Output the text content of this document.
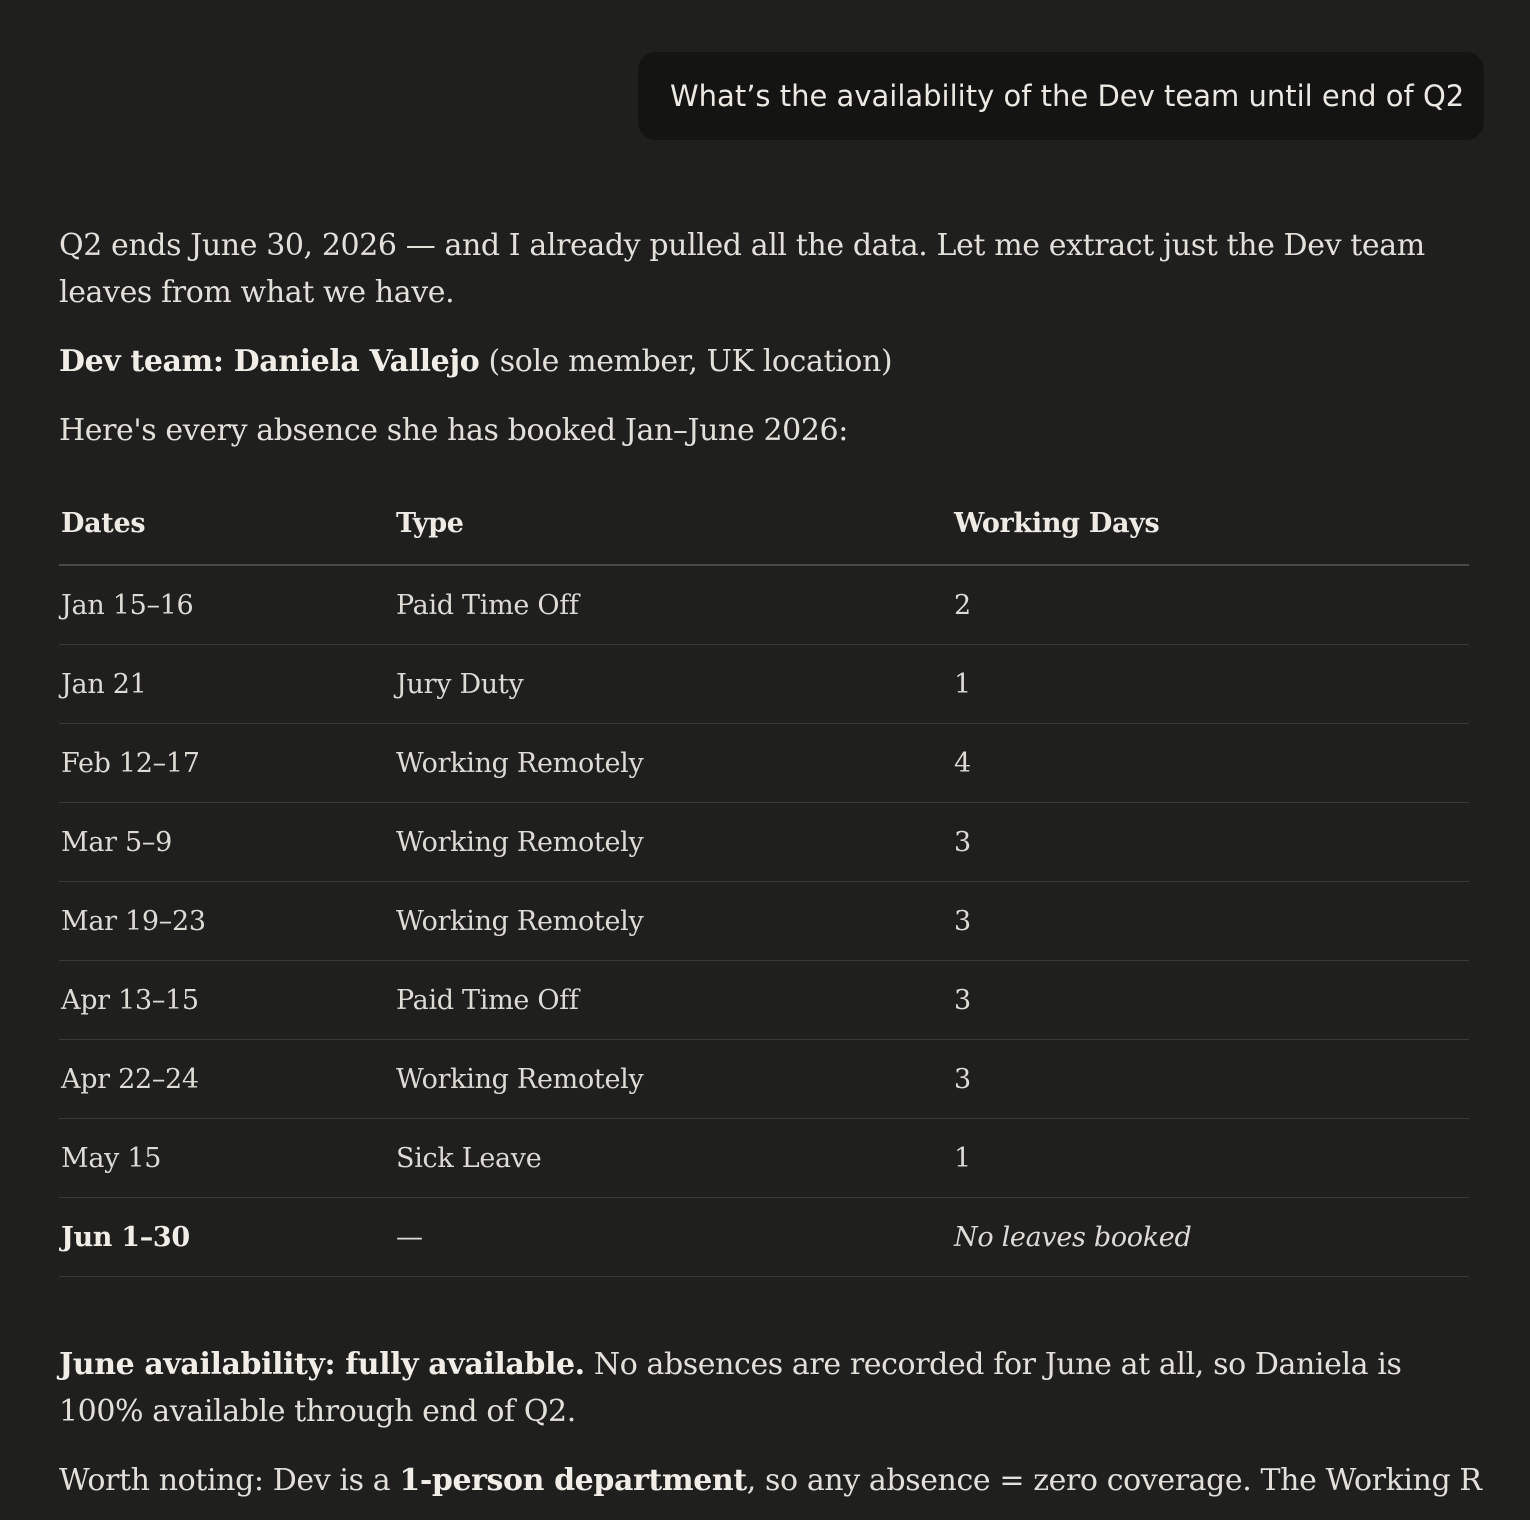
What’s the availability of the Dev team until end of Q2

Q2 ends June 30, 2026 — and I already pulled all the data. Let me extract just the Dev team leaves from what we have.

Dev team: Daniela Vallejo (sole member, UK location)

Here's every absence she has booked Jan–June 2026:

Dates	Type	Working Days
Jan 15–16	Paid Time Off	2
Jan 21	Jury Duty	1
Feb 12–17	Working Remotely	4
Mar 5–9	Working Remotely	3
Mar 19–23	Working Remotely	3
Apr 13–15	Paid Time Off	3
Apr 22–24	Working Remotely	3
May 15	Sick Leave	1
Jun 1–30	—	No leaves booked

June availability: fully available. No absences are recorded for June at all, so Daniela is 100% available through end of Q2.

Worth noting: Dev is a 1-person department, so any absence = zero coverage. The Working R
